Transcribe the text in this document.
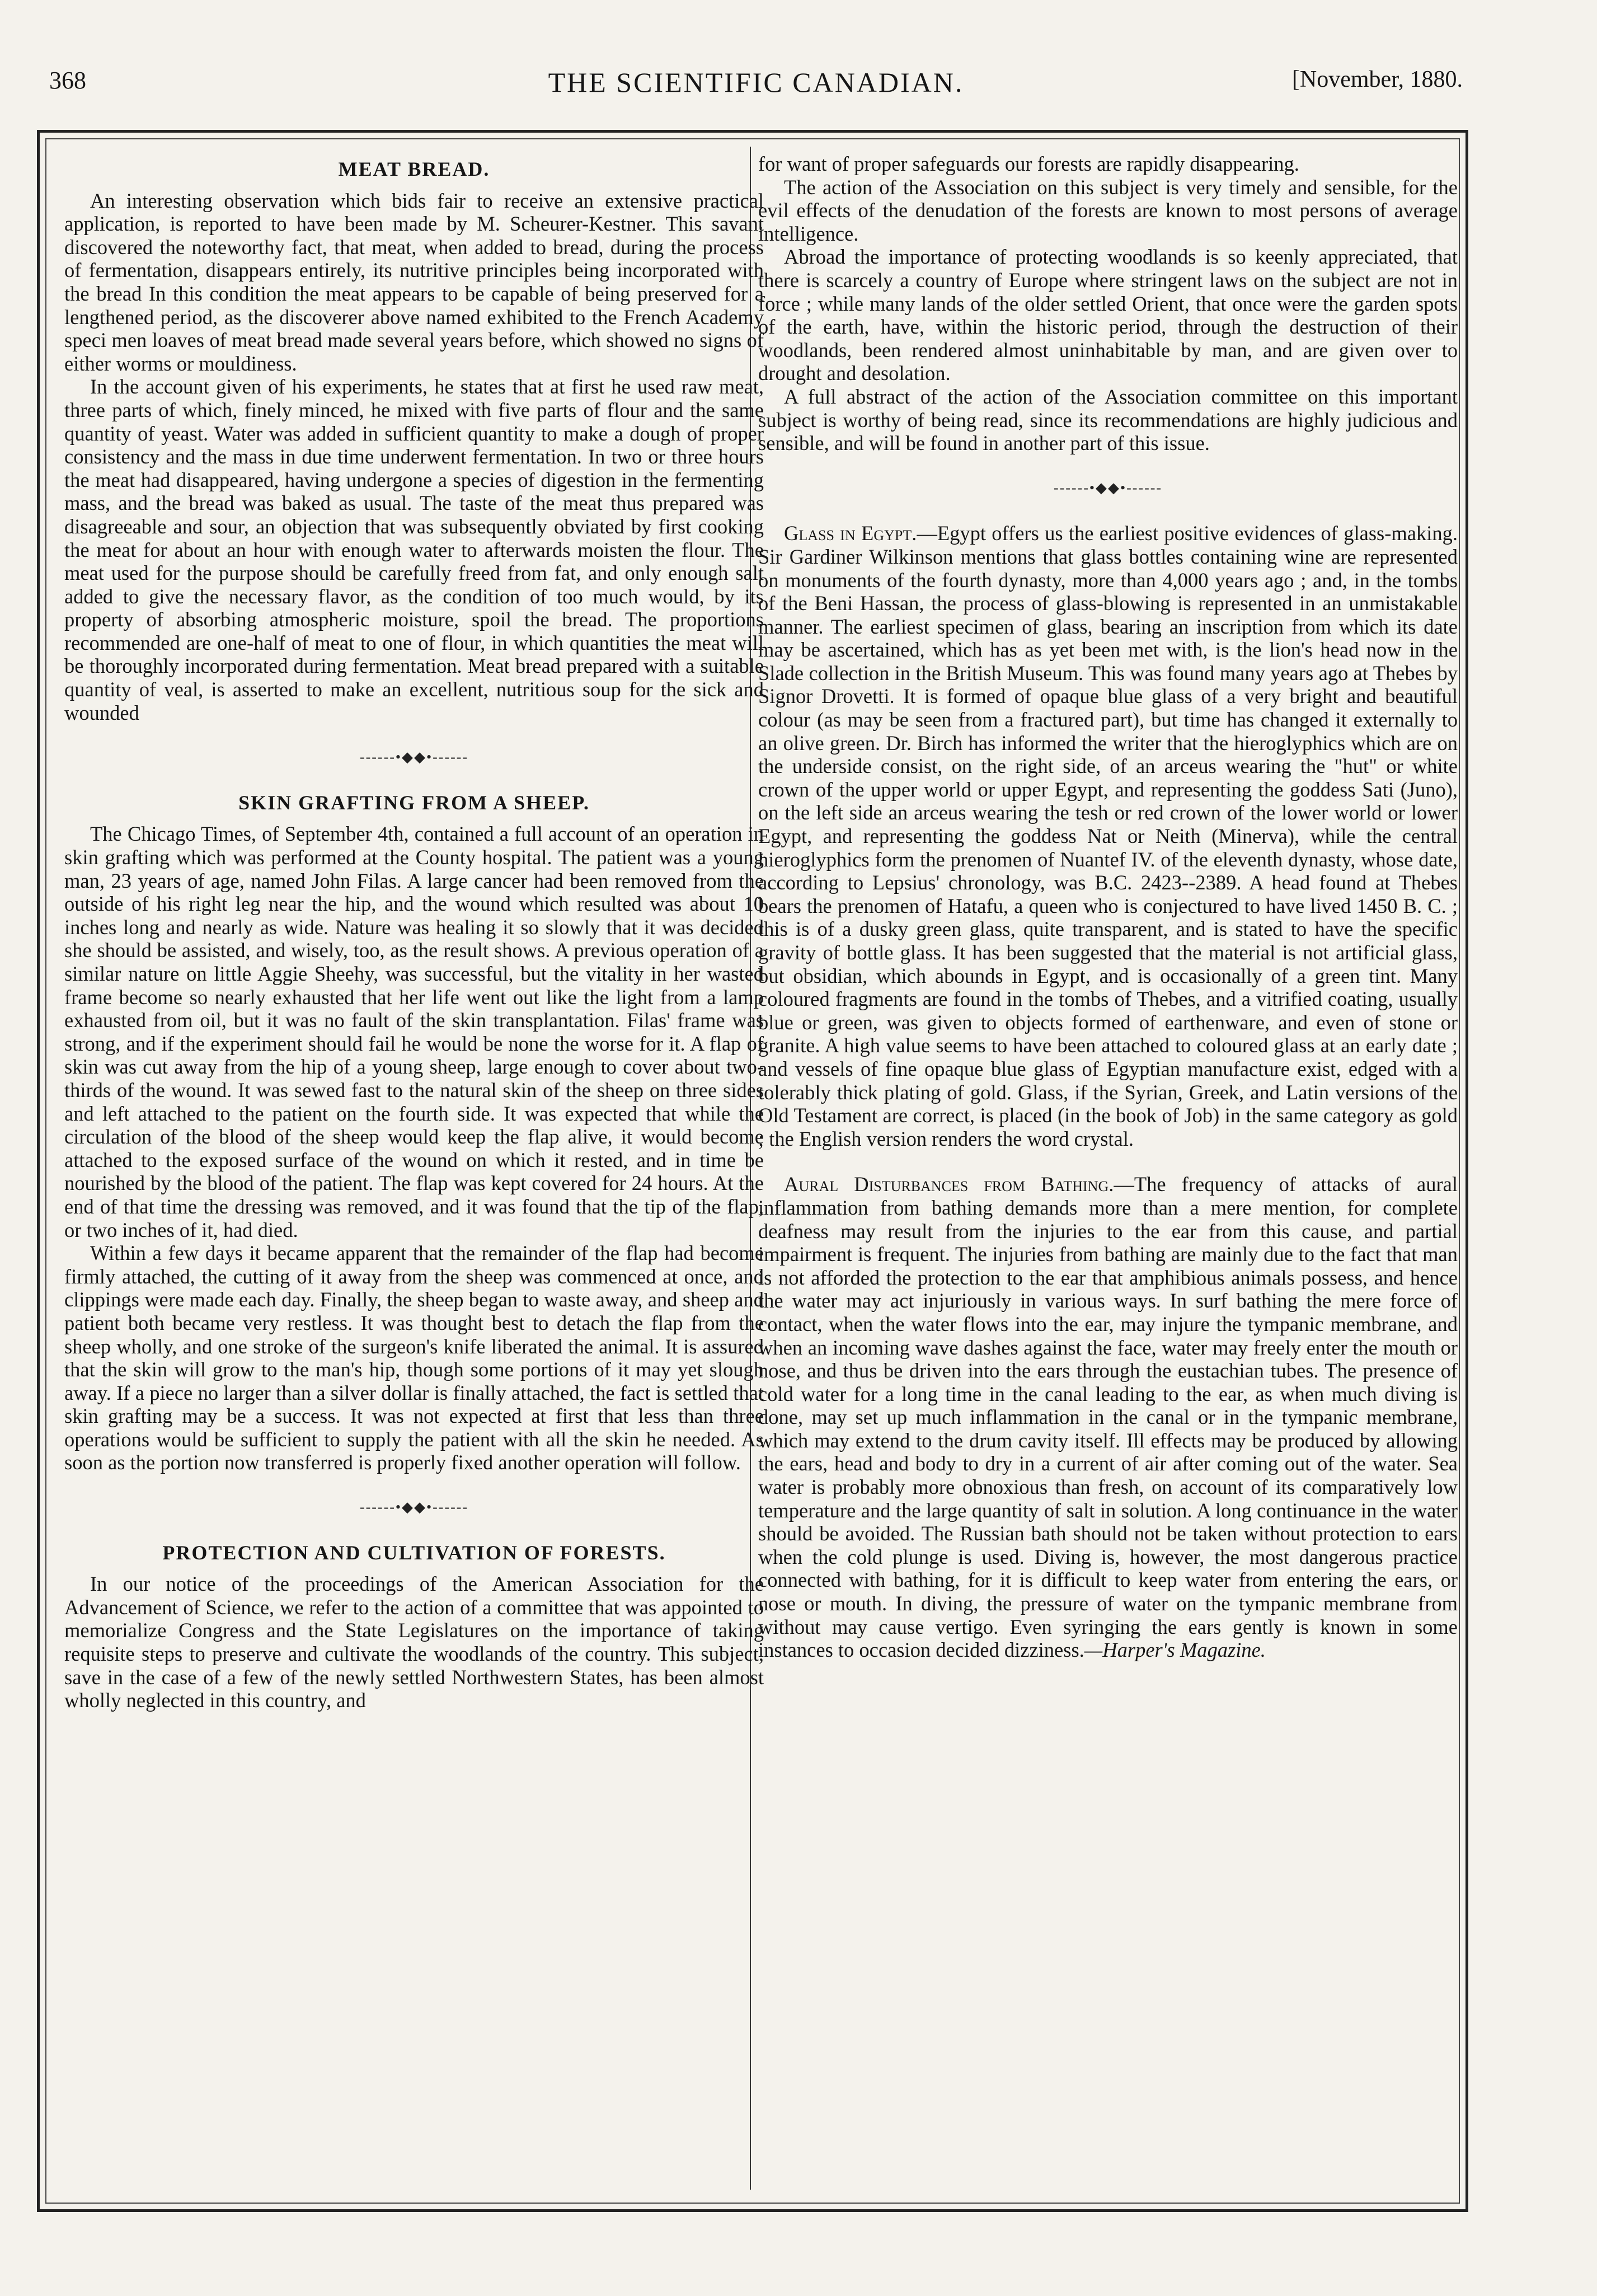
368	THE SCIENTIFIC CANADIAN.	[November, 1880.
MEAT BREAD.

An interesting observation which bids fair to receive an extensive practical application, is reported to have been made by M. Scheurer-Kestner. This savant discovered the noteworthy fact, that meat, when added to bread, during the process of fermentation, disappears entirely, its nutritive principles being incorporated with the bread In this condition the meat appears to be capable of being preserved for a lengthened period, as the discoverer above named exhibited to the French Academy speci men loaves of meat bread made several years before, which showed no signs of either worms or mouldiness.

In the account given of his experiments, he states that at first he used raw meat, three parts of which, finely minced, he mixed with five parts of flour and the same quantity of yeast. Water was added in sufficient quantity to make a dough of proper consistency and the mass in due time underwent fermentation. In two or three hours the meat had disappeared, having undergone a species of digestion in the fermenting mass, and the bread was baked as usual. The taste of the meat thus prepared was disagreeable and sour, an objection that was subsequently obviated by first cooking the meat for about an hour with enough water to afterwards moisten the flour. The meat used for the purpose should be carefully freed from fat, and only enough salt added to give the necessary flavor, as the condition of too much would, by its property of absorbing atmospheric moisture, spoil the bread. The proportions recommended are one-half of meat to one of flour, in which quantities the meat will be thoroughly incorporated during fermentation. Meat bread prepared with a suitable quantity of veal, is asserted to make an excellent, nutritious soup for the sick and wounded

------•◆◆•------
SKIN GRAFTING FROM A SHEEP.

The Chicago Times, of September 4th, contained a full account of an operation in skin grafting which was performed at the County hospital. The patient was a young man, 23 years of age, named John Filas. A large cancer had been removed from the outside of his right leg near the hip, and the wound which resulted was about 10 inches long and nearly as wide. Nature was healing it so slowly that it was decided she should be assisted, and wisely, too, as the result shows. A previous operation of a similar nature on little Aggie Sheehy, was successful, but the vitality in her wasted frame become so nearly exhausted that her life went out like the light from a lamp exhausted from oil, but it was no fault of the skin transplantation. Filas' frame was strong, and if the experiment should fail he would be none the worse for it. A flap of skin was cut away from the hip of a young sheep, large enough to cover about two-thirds of the wound. It was sewed fast to the natural skin of the sheep on three sides and left attached to the patient on the fourth side. It was expected that while the circulation of the blood of the sheep would keep the flap alive, it would become attached to the exposed surface of the wound on which it rested, and in time be nourished by the blood of the patient. The flap was kept covered for 24 hours. At the end of that time the dressing was removed, and it was found that the tip of the flap, or two inches of it, had died.

Within a few days it became apparent that the remainder of the flap had become firmly attached, the cutting of it away from the sheep was commenced at once, and clippings were made each day. Finally, the sheep began to waste away, and sheep and patient both became very restless. It was thought best to detach the flap from the sheep wholly, and one stroke of the surgeon's knife liberated the animal. It is assured that the skin will grow to the man's hip, though some portions of it may yet slough away. If a piece no larger than a silver dollar is finally attached, the fact is settled that skin grafting may be a success. It was not expected at first that less than three operations would be sufficient to supply the patient with all the skin he needed. As soon as the portion now transferred is properly fixed another operation will follow.

------•◆◆•------
PROTECTION AND CULTIVATION OF FORESTS.

In our notice of the proceedings of the American Association for the Advancement of Science, we refer to the action of a committee that was appointed to memorialize Congress and the State Legislatures on the importance of taking requisite steps to preserve and cultivate the woodlands of the country. This subject, save in the case of a few of the newly settled Northwestern States, has been almost wholly neglected in this country, and

for want of proper safeguards our forests are rapidly disappearing.

The action of the Association on this subject is very timely and sensible, for the evil effects of the denudation of the forests are known to most persons of average intelligence.

Abroad the importance of protecting woodlands is so keenly appreciated, that there is scarcely a country of Europe where stringent laws on the subject are not in force ; while many lands of the older settled Orient, that once were the garden spots of the earth, have, within the historic period, through the destruction of their woodlands, been rendered almost uninhabitable by man, and are given over to drought and desolation.

A full abstract of the action of the Association committee on this important subject is worthy of being read, since its recommendations are highly judicious and sensible, and will be found in another part of this issue.

------•◆◆•------

Glass in Egypt.—Egypt offers us the earliest positive evidences of glass-making. Sir Gardiner Wilkinson mentions that glass bottles containing wine are represented on monuments of the fourth dynasty, more than 4,000 years ago ; and, in the tombs of the Beni Hassan, the process of glass-blowing is represented in an unmistakable manner. The earliest specimen of glass, bearing an inscription from which its date may be ascertained, which has as yet been met with, is the lion's head now in the Slade collection in the British Museum. This was found many years ago at Thebes by Signor Drovetti. It is formed of opaque blue glass of a very bright and beautiful colour (as may be seen from a fractured part), but time has changed it externally to an olive green. Dr. Birch has informed the writer that the hieroglyphics which are on the underside consist, on the right side, of an arceus wearing the "hut" or white crown of the upper world or upper Egypt, and representing the goddess Sati (Juno), on the left side an arceus wearing the tesh or red crown of the lower world or lower Egypt, and representing the goddess Nat or Neith (Minerva), while the central hieroglyphics form the prenomen of Nuantef IV. of the eleventh dynasty, whose date, according to Lepsius' chronology, was B.C. 2423--2389. A head found at Thebes bears the prenomen of Hatafu, a queen who is conjectured to have lived 1450 B. C. ; this is of a dusky green glass, quite transparent, and is stated to have the specific gravity of bottle glass. It has been suggested that the material is not artificial glass, but obsidian, which abounds in Egypt, and is occasionally of a green tint. Many coloured fragments are found in the tombs of Thebes, and a vitrified coating, usually blue or green, was given to objects formed of earthenware, and even of stone or granite. A high value seems to have been attached to coloured glass at an early date ; and vessels of fine opaque blue glass of Egyptian manufacture exist, edged with a tolerably thick plating of gold. Glass, if the Syrian, Greek, and Latin versions of the Old Testament are correct, is placed (in the book of Job) in the same category as gold ; the English version renders the word crystal.

Aural Disturbances from Bathing.—The frequency of attacks of aural inflammation from bathing demands more than a mere mention, for complete deafness may result from the injuries to the ear from this cause, and partial impairment is frequent. The injuries from bathing are mainly due to the fact that man is not afforded the protection to the ear that amphibious animals possess, and hence the water may act injuriously in various ways. In surf bathing the mere force of contact, when the water flows into the ear, may injure the tympanic membrane, and when an incoming wave dashes against the face, water may freely enter the mouth or nose, and thus be driven into the ears through the eustachian tubes. The presence of cold water for a long time in the canal leading to the ear, as when much diving is done, may set up much inflammation in the canal or in the tympanic membrane, which may extend to the drum cavity itself. Ill effects may be produced by allowing the ears, head and body to dry in a current of air after coming out of the water. Sea water is probably more obnoxious than fresh, on account of its comparatively low temperature and the large quantity of salt in solution. A long continuance in the water should be avoided. The Russian bath should not be taken without protection to ears when the cold plunge is used. Diving is, however, the most dangerous practice connected with bathing, for it is difficult to keep water from entering the ears, or nose or mouth. In diving, the pressure of water on the tympanic membrane from without may cause vertigo. Even syringing the ears gently is known in some instances to occasion decided dizziness.—Harper's Magazine.
